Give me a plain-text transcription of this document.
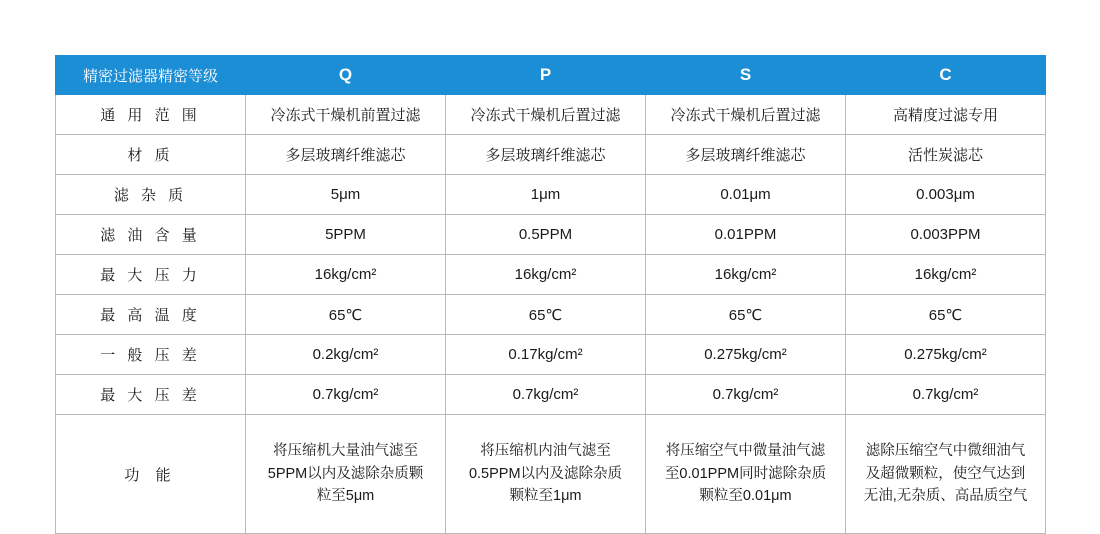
精密过滤器精密等级	Q	P	S	C
通 用 范 围	冷冻式干燥机前置过滤	冷冻式干燥机后置过滤	冷冻式干燥机后置过滤	高精度过滤专用
材 质	多层玻璃纤维滤芯	多层玻璃纤维滤芯	多层玻璃纤维滤芯	活性炭滤芯
滤 杂 质	5μm	1μm	0.01μm	0.003μm
滤 油 含 量	5PPM	0.5PPM	0.01PPM	0.003PPM
最 大 压 力	16kg/cm²	16kg/cm²	16kg/cm²	16kg/cm²
最 高 温 度	65℃	65℃	65℃	65℃
一 般 压 差	0.2kg/cm²	0.17kg/cm²	0.275kg/cm²	0.275kg/cm²
最 大 压 差	0.7kg/cm²	0.7kg/cm²	0.7kg/cm²	0.7kg/cm²
功 能	将压缩机大量油气滤至5PPM以内及滤除杂质颗粒至5μm	将压缩机内油气滤至0.5PPM以内及滤除杂质颗粒至1μm	将压缩空气中微量油气滤至0.01PPM同时滤除杂质颗粒至0.01μm	滤除压缩空气中微细油气及超微颗粒，使空气达到无油,无杂质、高品质空气
